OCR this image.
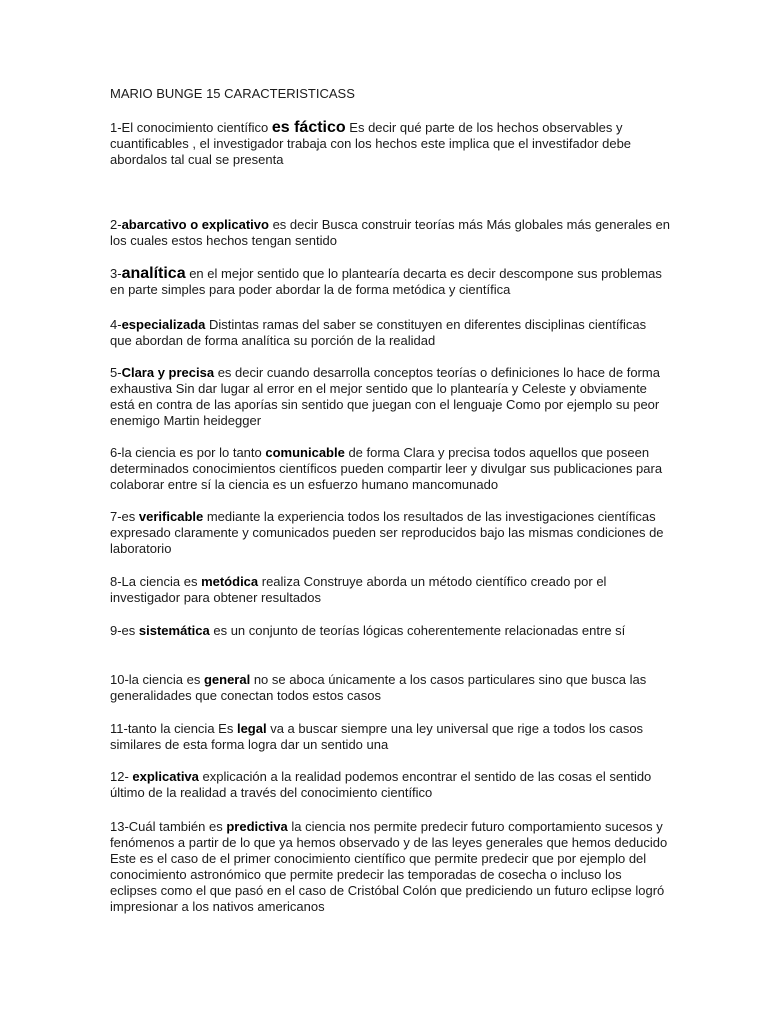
MARIO BUNGE 15 CARACTERISTICASS

1-El conocimiento científico es fáctico Es decir qué parte de los hechos observables y cuantificables , el investigador trabaja con los hechos este implica que el investifador debe abordalos tal cual se presenta

2-abarcativo o explicativo es decir Busca construir teorías más Más globales más generales en los cuales estos hechos tengan sentido

3-analítica en el mejor sentido que lo plantearía decarta es decir descompone sus problemas en parte simples para poder abordar la de forma metódica y científica

4-especializada Distintas ramas del saber se constituyen en diferentes disciplinas científicas que abordan de forma analítica su porción de la realidad

5-Clara y precisa es decir cuando desarrolla conceptos teorías o definiciones lo hace de forma exhaustiva Sin dar lugar al error en el mejor sentido que lo plantearía y Celeste y obviamente está en contra de las aporías sin sentido que juegan con el lenguaje Como por ejemplo su peor enemigo Martin heidegger

6-la ciencia es por lo tanto comunicable de forma Clara y precisa todos aquellos que poseen determinados conocimientos científicos pueden compartir leer y divulgar sus publicaciones para colaborar entre sí la ciencia es un esfuerzo humano mancomunado

7-es verificable mediante la experiencia todos los resultados de las investigaciones científicas expresado claramente y comunicados pueden ser reproducidos bajo las mismas condiciones de laboratorio

8-La ciencia es metódica realiza Construye aborda un método científico creado por el investigador para obtener resultados

9-es sistemática es un conjunto de teorías lógicas coherentemente relacionadas entre sí

10-la ciencia es general no se aboca únicamente a los casos particulares sino que busca las generalidades que conectan todos estos casos

11-tanto la ciencia Es legal va a buscar siempre una ley universal que rige a todos los casos similares de esta forma logra dar un sentido una

12- explicativa explicación a la realidad podemos encontrar el sentido de las cosas el sentido último de la realidad a través del conocimiento científico

13-Cuál también es predictiva la ciencia nos permite predecir futuro comportamiento sucesos y fenómenos a partir de lo que ya hemos observado y de las leyes generales que hemos deducido Este es el caso de el primer conocimiento científico que permite predecir que por ejemplo del conocimiento astronómico que permite predecir las temporadas de cosecha o incluso los eclipses como el que pasó en el caso de Cristóbal Colón que prediciendo un futuro eclipse logró impresionar a los nativos americanos
